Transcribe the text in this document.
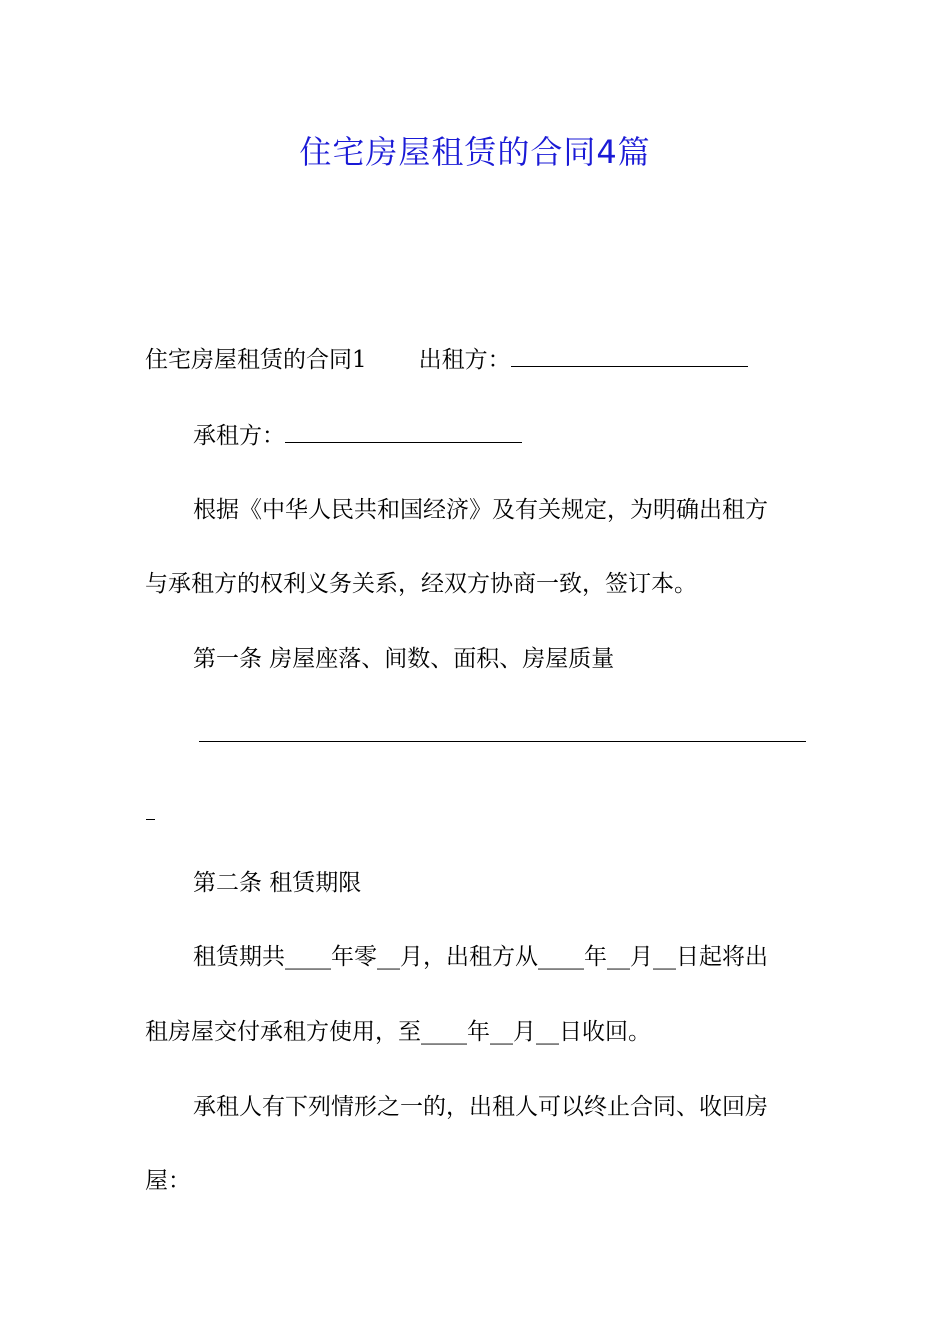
住宅房屋租赁的合同4篇

住宅房屋租赁的合同1 出租方：

承租方：

根据《中华人民共和国经济》及有关规定，为明确出租方

与承租方的权利义务关系，经双方协商一致，签订本。

第一条 房屋座落、间数、面积、房屋质量

第二条 租赁期限

租赁期共____年零__月，出租方从____年__月__日起将出

租房屋交付承租方使用，至____年__月__日收回。

承租人有下列情形之一的，出租人可以终止合同、收回房

屋：
